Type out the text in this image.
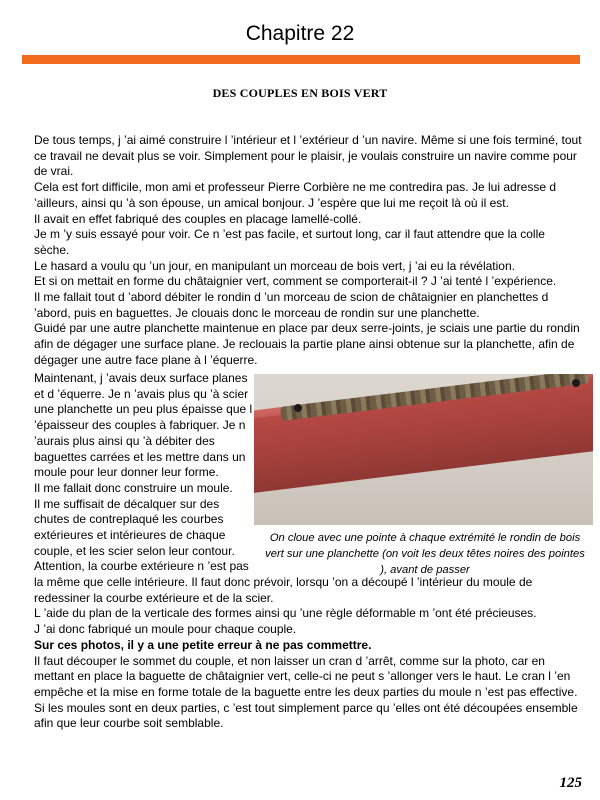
Chapitre 22
DES COUPLES EN BOIS VERT

De tous temps, j ’ai aimé construire l ’intérieur et l ’extérieur d ’un navire. Même si une fois terminé, tout ce travail ne devait plus se voir. Simplement pour le plaisir, je voulais construire un navire comme pour de vrai.

Cela est fort difficile, mon ami et professeur Pierre Corbière ne me contredira pas. Je lui adresse d ’ailleurs, ainsi qu ’à son épouse, un amical bonjour. J ’espère que lui me reçoit là où il est.

Il avait en effet fabriqué des couples en placage lamellé-collé.

Je m ’y suis essayé pour voir. Ce n ’est pas facile, et surtout long, car il faut attendre que la colle sèche.

Le hasard a voulu qu ’un jour, en manipulant un morceau de bois vert, j ’ai eu la révélation.

Et si on mettait en forme du châtaignier vert, comment se comporterait-il ? J ’ai tenté l ’expérience.

Il me fallait tout d ’abord débiter le rondin d ’un morceau de scion de châtaignier en planchettes d ’abord, puis en baguettes. Je clouais donc le morceau de rondin sur une planchette.

Guidé par une autre planchette maintenue en place par deux serre-joints, je sciais une partie du rondin afin de dégager une surface plane. Je reclouais la partie plane ainsi obtenue sur la planchette, afin de dégager une autre face plane à l ’équerre.

Maintenant, j ’avais deux surface planes et d ’équerre. Je n ’avais plus qu ’à scier une planchette un peu plus épaisse que l ’épaisseur des couples à fabriquer. Je n ’aurais plus ainsi qu ’à débiter des baguettes carrées et les mettre dans un moule pour leur donner leur forme.

Il me fallait donc construire un moule.

Il me suffisait de décalquer sur des chutes de contreplaqué les courbes extérieures et intérieures de chaque couple, et les scier selon leur contour.

Attention, la courbe extérieure n ’est pas

On cloue avec une pointe à chaque extrémité le rondin de bois vert sur une planchette (on voit les deux têtes noires des pointes ), avant de passer

la même que celle intérieure. Il faut donc prévoir, lorsqu ’on a découpé l ’intérieur du moule de redessiner la courbe extérieure et de la scier.

L ’aide du plan de la verticale des formes ainsi qu ’une règle déformable m ’ont été précieuses.

J ’ai donc fabriqué un moule pour chaque couple.

Sur ces photos, il y a une petite erreur à ne pas commettre.

Il faut découper le sommet du couple, et non laisser un cran d ’arrêt, comme sur la photo, car en mettant en place la baguette de châtaignier vert, celle-ci ne peut s ’allonger vers le haut. Le cran l ’en empêche et la mise en forme totale de la baguette entre les deux parties du moule n ’est pas effective. Si les moules sont en deux parties, c ’est tout simplement parce qu ’elles ont été découpées ensemble afin que leur courbe soit semblable.

125
